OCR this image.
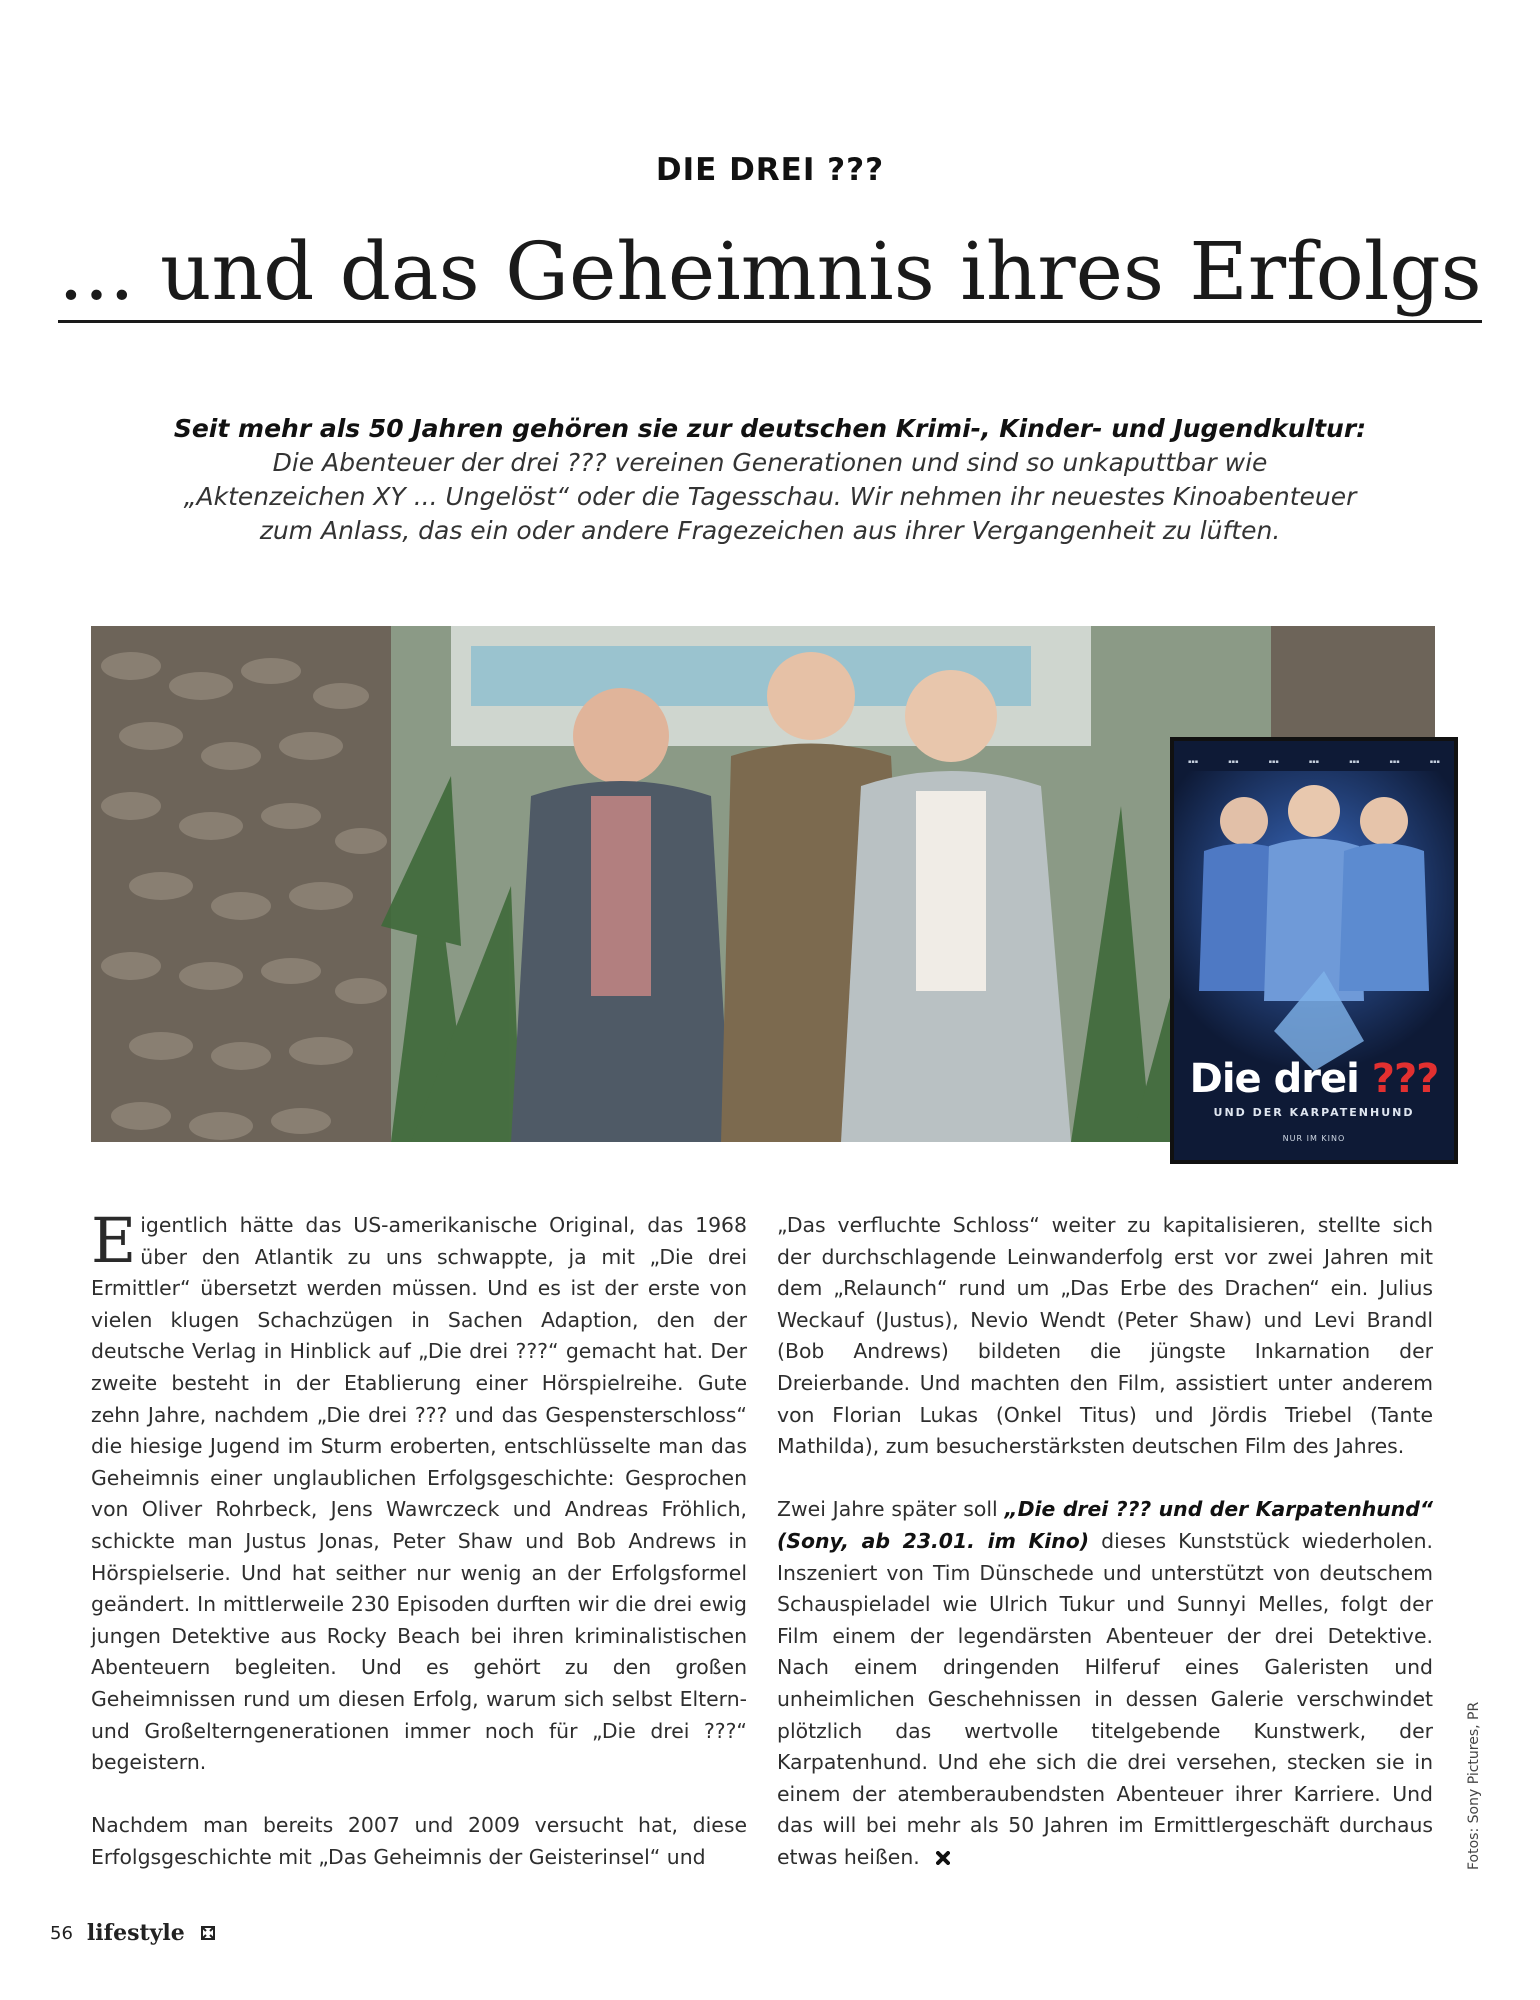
DIE DREI ???
... und das Geheimnis ihres Erfolgs

Seit mehr als 50 Jahren gehören sie zur deutschen Krimi-, Kinder- und Jugendkultur:

Die Abenteuer der drei ??? vereinen Generationen und sind so unkaputtbar wie

„Aktenzeichen XY ... Ungelöst“ oder die Tagesschau. Wir nehmen ihr neuestes Kinoabenteuer

zum Anlass, das ein oder andere Fragezeichen aus ihrer Vergangenheit zu lüften.

▪▪▪	▪▪▪	▪▪▪	▪▪▪	▪▪▪	▪▪▪	▪▪▪
Die drei ???
UND DER KARPATENHUND
NUR IM KINO

Eigentlich hätte das US-amerikanische Original, das 1968 über den Atlantik zu uns schwappte, ja mit „Die drei Ermittler“ übersetzt werden müssen. Und es ist der erste von vielen klugen Schachzügen in Sachen Adaption, den der deutsche Verlag in Hinblick auf „Die drei ???“ gemacht hat. Der zweite besteht in der Etablierung einer Hörspielreihe. Gute zehn Jahre, nachdem „Die drei ??? und das Gespensterschloss“ die hiesige Jugend im Sturm eroberten, entschlüsselte man das Geheimnis einer unglaublichen Erfolgsgeschichte: Gesprochen von Oliver Rohrbeck, Jens Wawrczeck und Andreas Fröhlich, schickte man Justus Jonas, Peter Shaw und Bob Andrews in Hörspielserie. Und hat seither nur wenig an der Erfolgsformel geändert. In mittlerweile 230 Episoden durften wir die drei ewig jungen Detektive aus Rocky Beach bei ihren kriminalistischen Abenteuern begleiten. Und es gehört zu den großen Geheimnissen rund um diesen Erfolg, warum sich selbst Eltern- und Großelterngenerationen immer noch für „Die drei ???“ begeistern.

Nachdem man bereits 2007 und 2009 versucht hat, diese Erfolgsgeschichte mit „Das Geheimnis der Geisterinsel“ und

„Das verfluchte Schloss“ weiter zu kapitalisieren, stellte sich der durchschlagende Leinwanderfolg erst vor zwei Jahren mit dem „Relaunch“ rund um „Das Erbe des Drachen“ ein. Julius Weckauf (Justus), Nevio Wendt (Peter Shaw) und Levi Brandl (Bob Andrews) bildeten die jüngste Inkarnation der Dreierbande. Und machten den Film, assistiert unter anderem von Florian Lukas (Onkel Titus) und Jördis Triebel (Tante Mathilda), zum besucherstärksten deutschen Film des Jahres.

Zwei Jahre später soll „Die drei ??? und der Karpatenhund“ (Sony, ab 23.01. im Kino) dieses Kunststück wiederholen. Inszeniert von Tim Dünschede und unterstützt von deutschem Schauspieladel wie Ulrich Tukur und Sunnyi Melles, folgt der Film einem der legendärsten Abenteuer der drei Detektive. Nach einem dringenden Hilferuf eines Galeristen und unheimlichen Geschehnissen in dessen Galerie verschwindet plötzlich das wertvolle titelgebende Kunstwerk, der Karpatenhund. Und ehe sich die drei versehen, stecken sie in einem der atemberaubendsten Abenteuer ihrer Karriere. Und das will bei mehr als 50 Jahren im Ermittlergeschäft durchaus etwas heißen.	Fotos: Sony Pictures, PR
56 lifestyle
